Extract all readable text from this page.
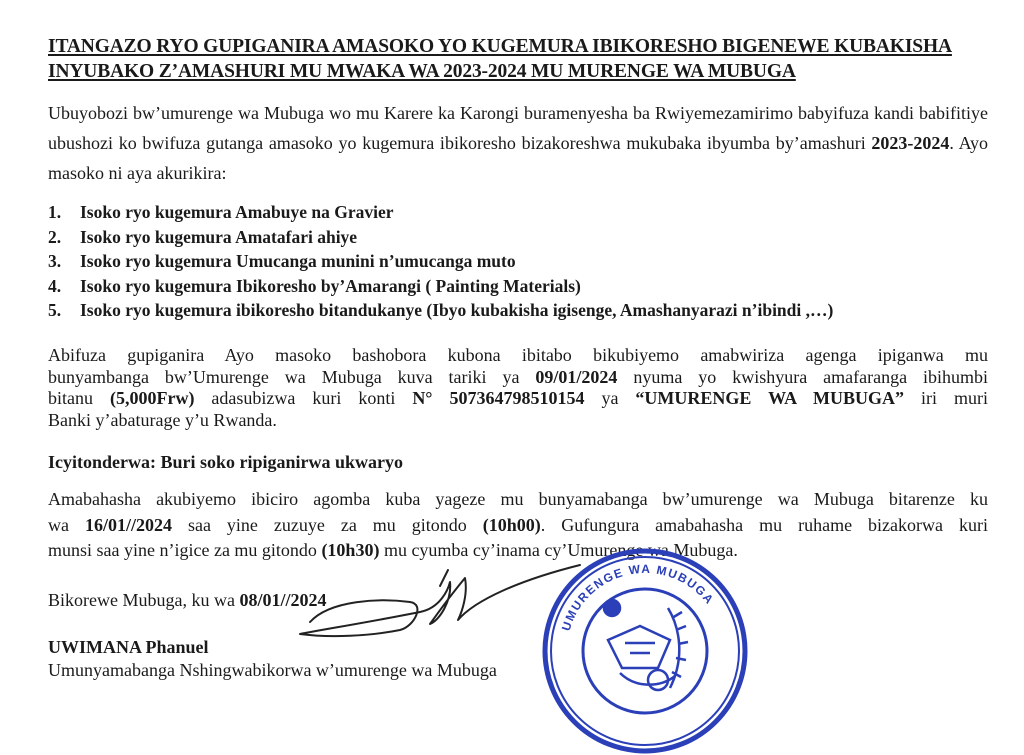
ITANGAZO RYO GUPIGANIRA AMASOKO YO KUGEMURA IBIKORESHO BIGENEWE KUBAKISHA
INYUBAKO Z’AMASHURI MU MWAKA WA 2023-2024 MU MURENGE WA MUBUGA
Ubuyobozi bw’umurenge wa Mubuga wo mu Karere ka Karongi buramenyesha ba Rwiyemezamirimo babyifuza kandi babifitiye ubushozi ko bwifuza gutanga amasoko yo kugemura ibikoresho bizakoreshwa mukubaka ibyumba by’amashuri 2023-2024. Ayo masoko ni aya akurikira:
1.	Isoko ryo kugemura Amabuye na Gravier
2.	Isoko ryo kugemura Amatafari ahiye
3.	Isoko ryo kugemura Umucanga munini n’umucanga muto
4.	Isoko ryo kugemura Ibikoresho by’Amarangi ( Painting Materials)
5.	Isoko ryo kugemura ibikoresho bitandukanye (Ibyo kubakisha igisenge, Amashanyarazi n’ibindi ,…)
Abifuza gupiganira Ayo masoko bashobora kubona ibitabo bikubiyemo amabwiriza agenga ipiganwa mu
bunyambanga bw’Umurenge wa Mubuga kuva tariki ya 09/01/2024 nyuma yo kwishyura amafaranga ibihumbi
bitanu (5,000Frw) adasubizwa kuri konti N° 507364798510154 ya “UMURENGE WA MUBUGA” iri muri
Banki y’abaturage y’u Rwanda.
Icyitonderwa: Buri soko ripiganirwa ukwaryo
Amabahasha akubiyemo ibiciro agomba kuba yageze mu bunyamabanga bw’umurenge wa Mubuga bitarenze ku
wa 16/01//2024 saa yine zuzuye za mu gitondo (10h00). Gufungura amabahasha mu ruhame bizakorwa kuri
munsi saa yine n’igice za mu gitondo (10h30) mu cyumba cy’inama cy’Umurenge wa Mubuga.
Bikorewe Mubuga, ku wa 08/01//2024
UWIMANA Phanuel
Umunyamabanga Nshingwabikorwa w’umurenge wa Mubuga
UMURENGE WA MUBUGA
